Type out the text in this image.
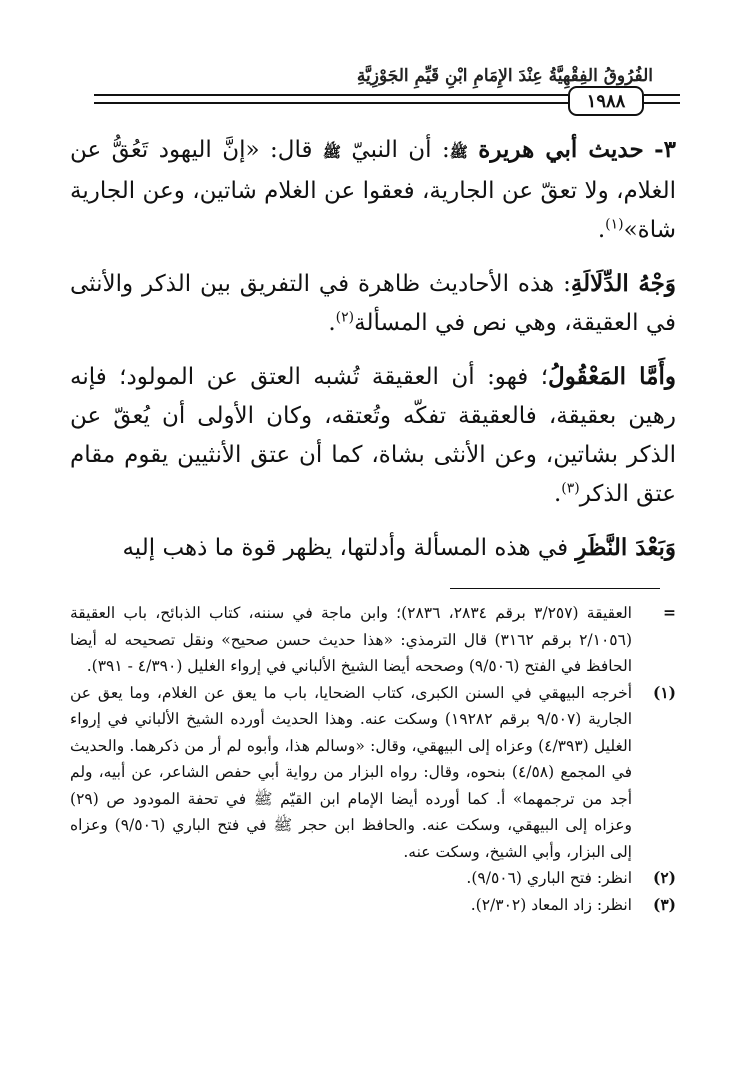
الفُرُوقُ الفِقْهِيَّةُ عِنْدَ الإِمَامِ ابْنِ قَيِّمِ الجَوْزِيَّةِ
١٩٨٨

٣- حديث أبي هريرة ﷺ: أن النبيّ ﷺ قال: «إنَّ اليهود تَعُقُّ عن الغلام، ولا تعقّ عن الجارية، فعقوا عن الغلام شاتين، وعن الجارية شاة»$^{(١)}$.

وَجْهُ الدِّلَالَةِ: هذه الأحاديث ظاهرة في التفريق بين الذكر والأنثى في العقيقة، وهي نص في المسألة$^{(٢)}$.

وأَمَّا المَعْقُولُ؛ فهو: أن العقيقة تُشبه العتق عن المولود؛ فإنه رهين بعقيقة، فالعقيقة تفكّه وتُعتقه، وكان الأولى أن يُعقّ عن الذكر بشاتين، وعن الأنثى بشاة، كما أن عتق الأنثيين يقوم مقام عتق الذكر$^{(٣)}$.

وَبَعْدَ النَّظَرِ في هذه المسألة وأدلتها، يظهر قوة ما ذهب إليه

=
العقيقة (٣/٢٥٧ برقم ٢٨٣٤، ٢٨٣٦)؛ وابن ماجة في سننه، كتاب الذبائح، باب العقيقة (٢/١٠٥٦ برقم ٣١٦٢) قال الترمذي: «هذا حديث حسن صحيح» ونقل تصحيحه له أيضا الحافظ في الفتح (٩/٥٠٦) وصححه أيضا الشيخ الألباني في إرواء الغليل (٤/٣٩٠ - ٣٩١).

(١)
أخرجه البيهقي في السنن الكبرى، كتاب الضحايا، باب ما يعق عن الغلام، وما يعق عن الجارية (٩/٥٠٧ برقم ١٩٢٨٢) وسكت عنه. وهذا الحديث أورده الشيخ الألباني في إرواء الغليل (٤/٣٩٣) وعزاه إلى البيهقي، وقال: «وسالم هذا، وأبوه لم أر من ذكرهما. والحديث في المجمع (٤/٥٨) بنحوه، وقال: رواه البزار من رواية أبي حفص الشاعر، عن أبيه، ولم أجد من ترجمهما» أ. كما أورده أيضا الإمام ابن القيّم ﷺ في تحفة المودود ص (٢٩) وعزاه إلى البيهقي، وسكت عنه. والحافظ ابن حجر ﷺ في فتح الباري (٩/٥٠٦) وعزاه إلى البزار، وأبي الشيخ، وسكت عنه.

(٢)
انظر: فتح الباري (٩/٥٠٦).

(٣)
انظر: زاد المعاد (٢/٣٠٢).
